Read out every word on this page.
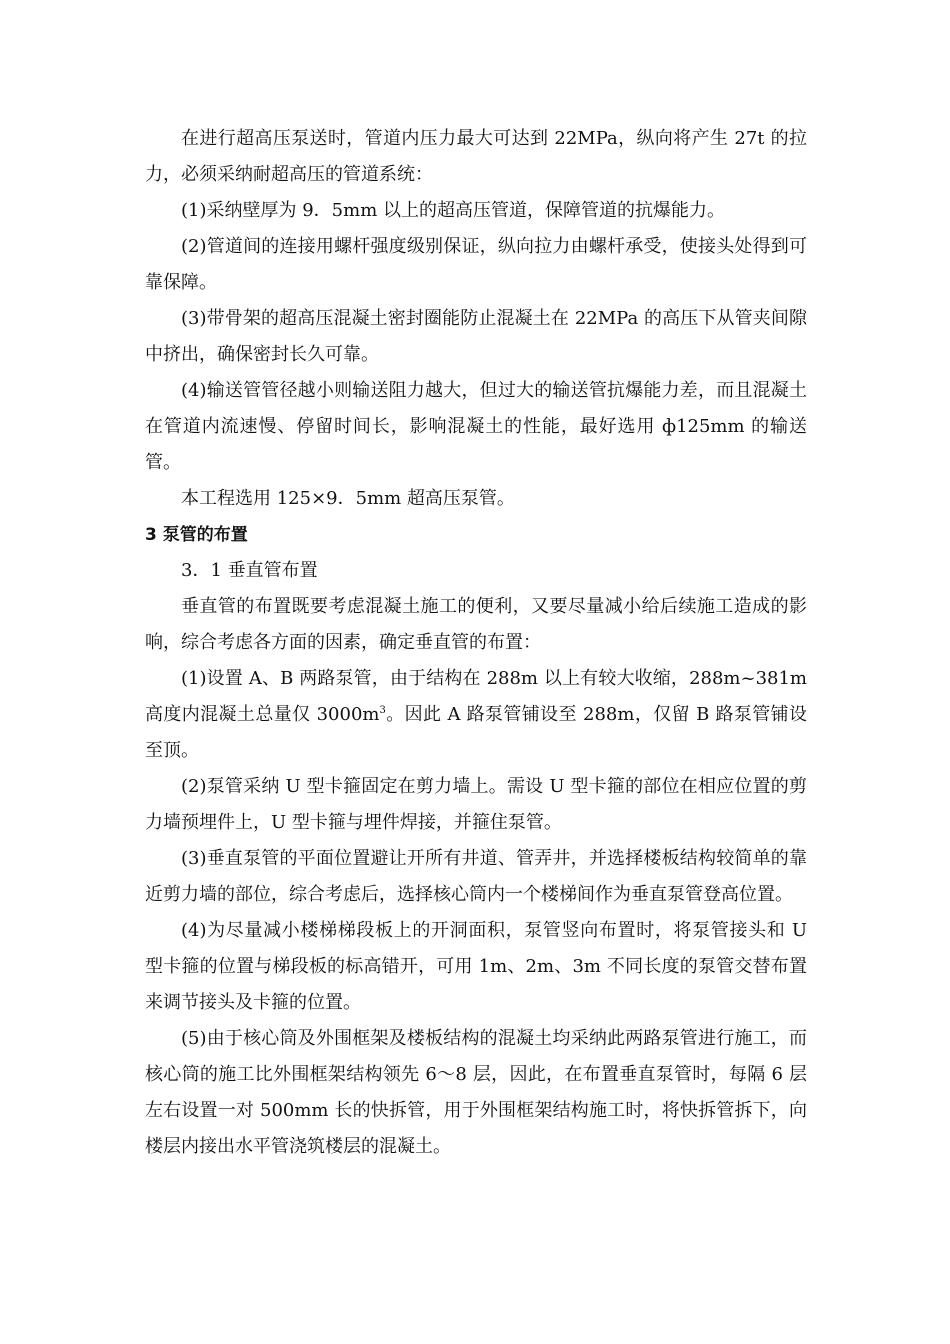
在进行超高压泵送时，管道内压力最大可达到 22MPa，纵向将产生 27t 的拉力，必须采纳耐超高压的管道系统：

(1)采纳壁厚为 9．5mm 以上的超高压管道，保障管道的抗爆能力。

(2)管道间的连接用螺杆强度级别保证，纵向拉力由螺杆承受，使接头处得到可靠保障。

(3)带骨架的超高压混凝土密封圈能防止混凝土在 22MPa 的高压下从管夹间隙中挤出，确保密封长久可靠。

(4)输送管管径越小则输送阻力越大，但过大的输送管抗爆能力差，而且混凝土在管道内流速慢、停留时间长，影响混凝土的性能，最好选用 ф125mm 的输送管。

本工程选用 125×9．5mm 超高压泵管。

3 泵管的布置

3．1 垂直管布置

垂直管的布置既要考虑混凝土施工的便利，又要尽量减小给后续施工造成的影响，综合考虑各方面的因素，确定垂直管的布置：

(1)设置 A、B 两路泵管，由于结构在 288m 以上有较大收缩，288m~381m 高度内混凝土总量仅 $3000m^3$。因此 A 路泵管铺设至 288m，仅留 B 路泵管铺设至顶。

(2)泵管采纳 U 型卡箍固定在剪力墙上。需设 U 型卡箍的部位在相应位置的剪力墙预埋件上，U 型卡箍与埋件焊接，并箍住泵管。

(3)垂直泵管的平面位置避让开所有井道、管弄井，并选择楼板结构较简单的靠近剪力墙的部位，综合考虑后，选择核心筒内一个楼梯间作为垂直泵管登高位置。

(4)为尽量减小楼梯梯段板上的开洞面积，泵管竖向布置时，将泵管接头和 U 型卡箍的位置与梯段板的标高错开，可用 1m、2m、3m 不同长度的泵管交替布置来调节接头及卡箍的位置。

(5)由于核心筒及外围框架及楼板结构的混凝土均采纳此两路泵管进行施工，而核心筒的施工比外围框架结构领先 6～8 层，因此，在布置垂直泵管时，每隔 6 层左右设置一对 500mm 长的快拆管，用于外围框架结构施工时，将快拆管拆下，向楼层内接出水平管浇筑楼层的混凝土。
